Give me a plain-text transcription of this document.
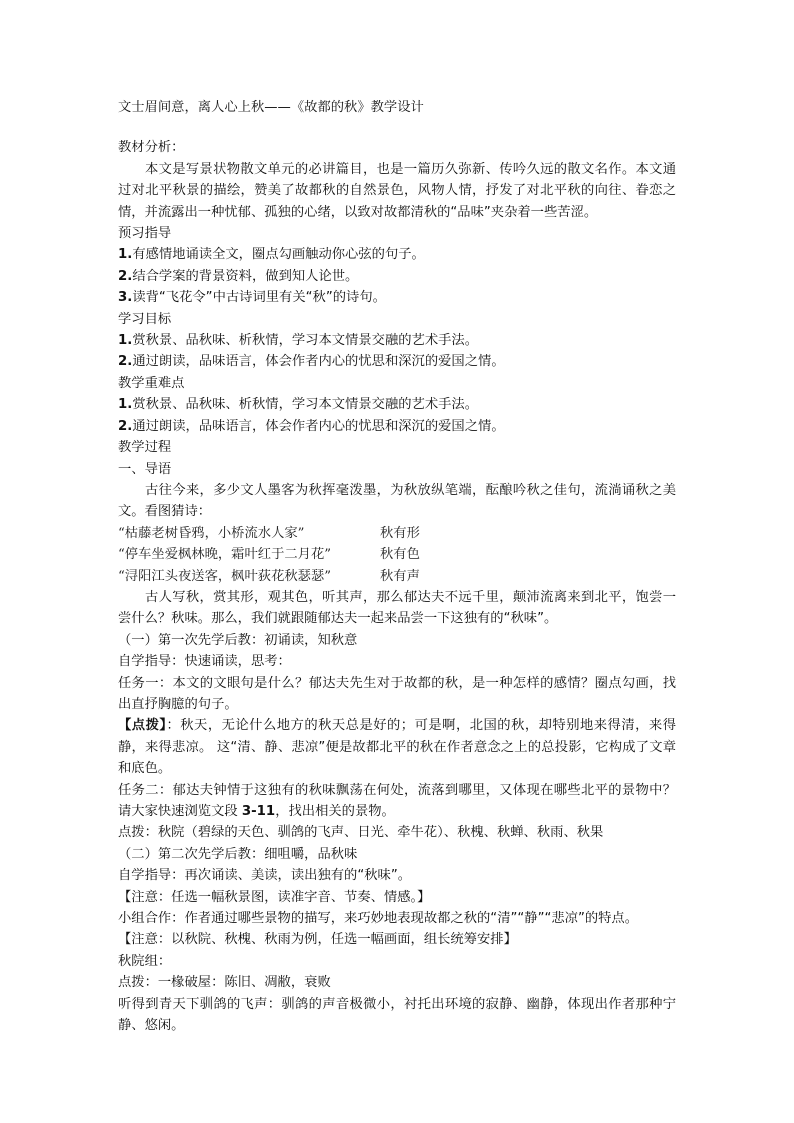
文士眉间意，离人心上秋——《故都的秋》教学设计
教材分析：
本文是写景状物散文单元的必讲篇目，也是一篇历久弥新、传吟久远的散文名作。本文通过对北平秋景的描绘，赞美了故都秋的自然景色，风物人情，抒发了对北平秋的向往、眷恋之情，并流露出一种忧郁、孤独的心绪，以致对故都清秋的“品味”夹杂着一些苦涩。
预习指导
1.有感情地诵读全文，圈点勾画触动你心弦的句子。
2.结合学案的背景资料，做到知人论世。
3.读背“飞花令”中古诗词里有关“秋”的诗句。
学习目标
1.赏秋景、品秋味、析秋情，学习本文情景交融的艺术手法。
2.通过朗读，品味语言，体会作者内心的忧思和深沉的爱国之情。
教学重难点
1.赏秋景、品秋味、析秋情，学习本文情景交融的艺术手法。
2.通过朗读，品味语言，体会作者内心的忧思和深沉的爱国之情。
教学过程
一、导语
古往今来，多少文人墨客为秋挥毫泼墨，为秋放纵笔端，酝酿吟秋之佳句，流淌诵秋之美文。看图猜诗：
“枯藤老树昏鸦，小桥流水人家”	秋有形
“停车坐爱枫林晚，霜叶红于二月花”	秋有色
“浔阳江头夜送客，枫叶荻花秋瑟瑟”	秋有声
古人写秋，赏其形，观其色，听其声，那么郁达夫不远千里，颠沛流离来到北平，饱尝一尝什么？秋味。那么，我们就跟随郁达夫一起来品尝一下这独有的“秋味”。
（一）第一次先学后教：初诵读，知秋意
自学指导：快速诵读，思考：
任务一：本文的文眼句是什么？郁达夫先生对于故都的秋，是一种怎样的感情？圈点勾画，找出直抒胸臆的句子。
【点拨】：秋天，无论什么地方的秋天总是好的；可是啊，北国的秋，却特别地来得清，来得静，来得悲凉。 这“清、静、悲凉”便是故都北平的秋在作者意念之上的总投影，它构成了文章和底色。
任务二：郁达夫钟情于这独有的秋味飘荡在何处，流落到哪里，又体现在哪些北平的景物中？请大家快速浏览文段 3-11，找出相关的景物。
点拨：秋院（碧绿的天色、驯鸽的飞声、日光、牵牛花）、秋槐、秋蝉、秋雨、秋果
（二）第二次先学后教：细咀嚼，品秋味
自学指导：再次诵读、美读，读出独有的“秋味”。
【注意：任选一幅秋景图，读准字音、节奏、情感。】
小组合作：作者通过哪些景物的描写，来巧妙地表现故都之秋的“清”“静”“悲凉”的特点。
【注意：以秋院、秋槐、秋雨为例，任选一幅画面，组长统筹安排】
秋院组：
点拨：一椽破屋：陈旧、凋敝，衰败
听得到青天下驯鸽的飞声：驯鸽的声音极微小，衬托出环境的寂静、幽静，体现出作者那种宁静、悠闲。
